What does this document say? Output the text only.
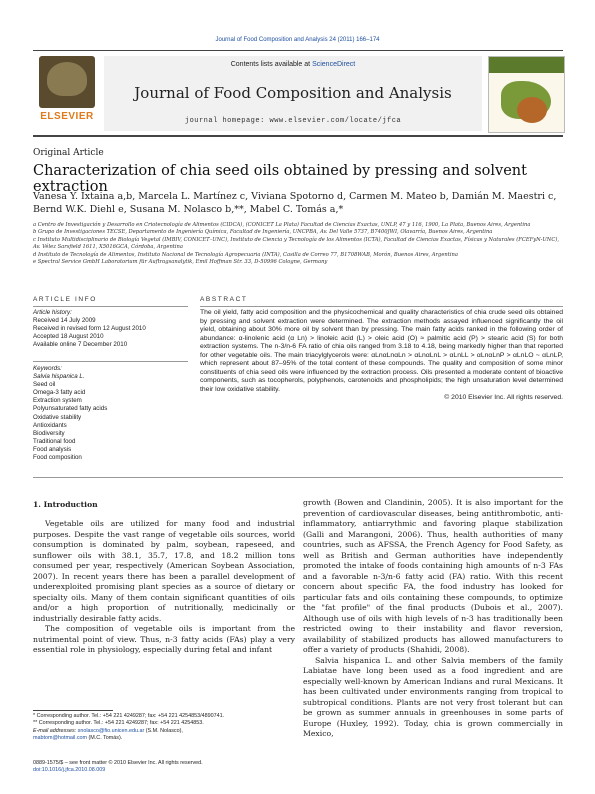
Journal of Food Composition and Analysis 24 (2011) 166–174
ELSEVIER
Contents lists available at ScienceDirect
Journal of Food Composition and Analysis
journal homepage: www.elsevier.com/locate/jfca
Original Article
Characterization of chia seed oils obtained by pressing and solvent extraction
Vanesa Y. Ixtaina a,b, Marcela L. Martínez c, Viviana Spotorno d, Carmen M. Mateo b, Damián M. Maestri c,
Bernd W.K. Diehl e, Susana M. Nolasco b,**, Mabel C. Tomás a,*
a Centro de Investigación y Desarrollo en Criotecnología de Alimentos (CIDCA), (CONICET La Plata) Facultad de Ciencias Exactas, UNLP, 47 y 116, 1900, La Plata, Buenos Aires, Argentina
b Grupo de Investigaciones TECSE, Departamento de Ingeniería Química, Facultad de Ingeniería, UNCPBA, Av. Del Valle 5737, B7400JWI, Olavarría, Buenos Aires, Argentina
c Instituto Multidisciplinario de Biología Vegetal (IMBIV, CONICET–UNC), Instituto de Ciencia y Tecnología de los Alimentos (ICTA), Facultad de Ciencias Exactas, Físicas y Naturales (FCEFyN-UNC), Av. Vélez Sarsfield 1611, X5016GCA, Córdoba, Argentina
d Instituto de Tecnología de Alimentos, Instituto Nacional de Tecnología Agropecuaria (INTA), Casilla de Correo 77, B1708WAB, Morón, Buenos Aires, Argentina
e Spectral Service GmbH Laboratorium für Auftragsanalytik, Emil Hoffman Str. 33, D-50996 Cologne, Germany
ARTICLE INFO
Article history:
Received 14 July 2009
Received in revised form 12 August 2010
Accepted 18 August 2010
Available online 7 December 2010
Keywords:
Salvia hispanica L.
Seed oil
Omega-3 fatty acid
Extraction system
Polyunsaturated fatty acids
Oxidative stability
Antioxidants
Biodiversity
Traditional food
Food analysis
Food composition
ABSTRACT
The oil yield, fatty acid composition and the physicochemical and quality characteristics of chia crude seed oils obtained by pressing and solvent extraction were determined. The extraction methods assayed influenced significantly the oil yield, obtaining about 30% more oil by solvent than by pressing. The main fatty acids ranked in the following order of abundance: α-linolenic acid (α Ln) > linoleic acid (L) > oleic acid (O) ≈ palmitic acid (P) > stearic acid (S) for both extraction systems. The n-3/n-6 FA ratio of chia oils ranged from 3.18 to 4.18, being markedly higher than that reported for other vegetable oils. The main triacylglycerols were: αLnαLnαLn > αLnαLnL > αLnLL > αLnαLnP > αLnLO ~ αLnLP, which represent about 87–95% of the total content of these compounds. The quality and composition of some minor constituents of chia seed oils were influenced by the extraction process. Oils presented a moderate content of bioactive components, such as tocopherols, polyphenols, carotenoids and phospholipids; the high unsaturation level determined their low oxidative stability.
© 2010 Elsevier Inc. All rights reserved.
1. Introduction

Vegetable oils are utilized for many food and industrial purposes. Despite the vast range of vegetable oils sources, world consumption is dominated by palm, soybean, rapeseed, and sunflower oils with 38.1, 35.7, 17.8, and 18.2 million tons consumed per year, respectively (American Soybean Association, 2007). In recent years there has been a parallel development of underexploited promising plant species as a source of dietary or specialty oils. Many of them contain significant quantities of oils and/or a high proportion of nutritionally, medicinally or industrially desirable fatty acids.

The composition of vegetable oils is important from the nutrimental point of view. Thus, n-3 fatty acids (FAs) play a very essential role in physiology, especially during fetal and infant

growth (Bowen and Clandinin, 2005). It is also important for the prevention of cardiovascular diseases, being antithrombotic, anti-inflammatory, antiarrythmic and favoring plaque stabilization (Galli and Marangoni, 2006). Thus, health authorities of many countries, such as AFSSA, the French Agency for Food Safety, as well as British and German authorities have independently promoted the intake of foods containing high amounts of n-3 FAs and a favorable n-3/n-6 fatty acid (FA) ratio. With this recent concern about specific FA, the food industry has looked for particular fats and oils containing these compounds, to optimize the "fat profile" of the final products (Dubois et al., 2007). Although use of oils with high levels of n-3 has traditionally been restricted owing to their instability and flavor reversion, availability of stabilized products has allowed manufacturers to offer a variety of products (Shahidi, 2008).

Salvia hispanica L. and other Salvia members of the family Labiatae have long been used as a food ingredient and are especially well-known by American Indians and rural Mexicans. It has been cultivated under environments ranging from tropical to subtropical conditions. Plants are not very frost tolerant but can be grown as summer annuals in greenhouses in some parts of Europe (Huxley, 1992). Today, chia is grown commercially in Mexico,

* Corresponding author. Tel.: +54 221 4249287; fax: +54 221 4254853/4890741.
** Corresponding author. Tel.: +54 221 4249287; fax: +54 221 4254853.
E-mail addresses: snolasco@fio.unicen.edu.ar (S.M. Nolasco),
mabtom@hotmail.com (M.C. Tomás).
0889-1575/$ – see front matter © 2010 Elsevier Inc. All rights reserved.
doi:10.1016/j.jfca.2010.08.009
